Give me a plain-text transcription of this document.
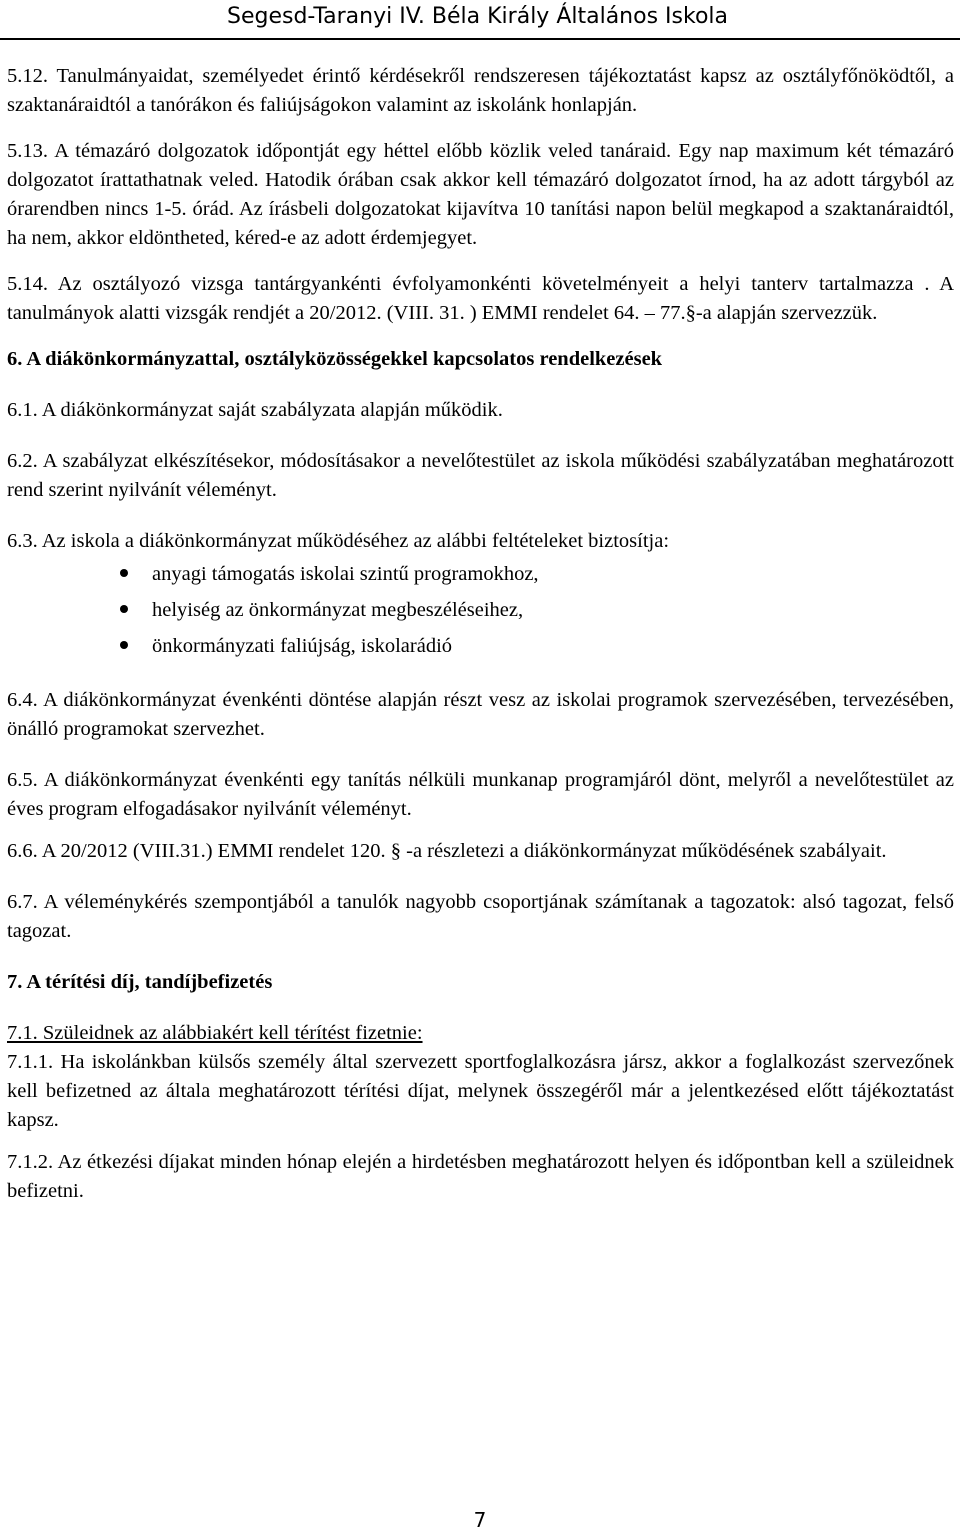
Segesd-Taranyi IV. Béla Király Általános Iskola

5.12. Tanulmányaidat, személyedet érintő kérdésekről rendszeresen tájékoztatást kapsz az osztályfőnöködtől, a szaktanáraidtól a tanórákon és faliújságokon valamint az iskolánk honlapján.

5.13. A témazáró dolgozatok időpontját egy héttel előbb közlik veled tanáraid. Egy nap maximum két témazáró dolgozatot írattathatnak veled. Hatodik órában csak akkor kell témazáró dolgozatot írnod, ha az adott tárgyból az órarendben nincs 1-5. órád. Az írásbeli dolgozatokat kijavítva 10 tanítási napon belül megkapod a szaktanáraidtól, ha nem, akkor eldöntheted, kéred-e az adott érdemjegyet.

5.14. Az osztályozó vizsga tantárgyankénti évfolyamonkénti követelményeit a helyi tanterv tartalmazza . A tanulmányok alatti vizsgák rendjét a 20/2012. (VIII. 31. ) EMMI rendelet 64. – 77.§-a alapján szervezzük.

6. A diákönkormányzattal, osztályközösségekkel kapcsolatos rendelkezések

6.1. A diákönkormányzat saját szabályzata alapján működik.

6.2. A szabályzat elkészítésekor, módosításakor a nevelőtestület az iskola működési szabályzatában meghatározott rend szerint nyilvánít véleményt.

6.3. Az iskola a diákönkormányzat működéséhez az alábbi feltételeket biztosítja:

anyagi támogatás iskolai szintű programokhoz,
helyiség az önkormányzat megbeszéléseihez,
önkormányzati faliújság, iskolarádió

6.4. A diákönkormányzat évenkénti döntése alapján részt vesz az iskolai programok szervezésében, tervezésében, önálló programokat szervezhet.

6.5. A diákönkormányzat évenkénti egy tanítás nélküli munkanap programjáról dönt, melyről a nevelőtestület az éves program elfogadásakor nyilvánít véleményt.

6.6. A 20/2012 (VIII.31.) EMMI rendelet 120. § -a részletezi a diákönkormányzat működésének szabályait.

6.7. A véleménykérés szempontjából a tanulók nagyobb csoportjának számítanak a tagozatok: alsó tagozat, felső tagozat.

7. A térítési díj, tandíjbefizetés

7.1. Szüleidnek az alábbiakért kell térítést fizetnie:

7.1.1. Ha iskolánkban külsős személy által szervezett sportfoglalkozásra jársz, akkor a foglalkozást szervezőnek kell befizetned az általa meghatározott térítési díjat, melynek összegéről már a jelentkezésed előtt tájékoztatást kapsz.

7.1.2. Az étkezési díjakat minden hónap elején a hirdetésben meghatározott helyen és időpontban kell a szüleidnek befizetni.

7
